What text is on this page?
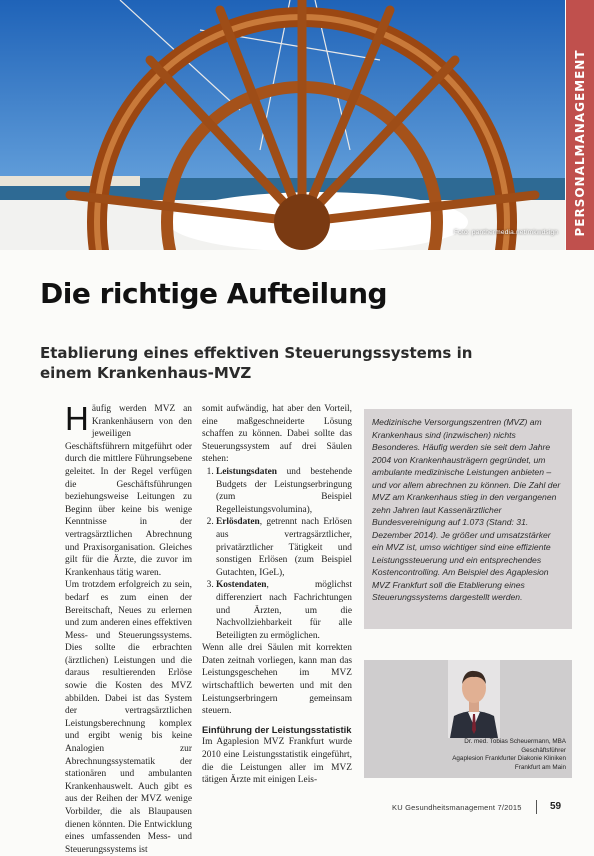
Foto: panthermedia.net/mkwdsign PERSONALMANAGEMENT
Die richtige Aufteilung
Etablierung eines effektiven Steuerungssystems in einem Krankenhaus-MVZ

Häufig werden MVZ an Krankenhäusern von den jeweiligen Geschäftsführern mitgeführt oder durch die mittlere Führungsebene geleitet. In der Regel verfügen die Geschäftsführungen beziehungsweise Leitungen zu Beginn über keine bis wenige Kenntnisse in der vertragsärztlichen Abrechnung und Praxisorganisation. Gleiches gilt für die Ärzte, die zuvor im Krankenhaus tätig waren.

Um trotzdem erfolgreich zu sein, bedarf es zum einen der Bereitschaft, Neues zu erlernen und zum anderen eines effektiven Mess- und Steuerungssystems. Dies sollte die erbrachten (ärztlichen) Leistungen und die daraus resultierenden Erlöse sowie die Kosten des MVZ abbilden. Dabei ist das System der vertragsärztlichen Leistungsberechnung komplex und ergibt wenig bis keine Analogien zur Abrechnungssystematik der stationären und ambulanten Krankenhauswelt. Auch gibt es aus der Reihen der MVZ wenige Vorbilder, die als Blaupausen dienen könnten. Die Entwicklung eines umfassenden Mess- und Steuerungssystems ist

somit aufwändig, hat aber den Vorteil, eine maßgeschneiderte Lösung schaffen zu können. Dabei sollte das Steuerungssystem auf drei Säulen stehen:

1. Leistungsdaten und bestehende Budgets der Leistungserbringung (zum Beispiel Regelleistungsvolumina),
2. Erlösdaten, getrennt nach Erlösen aus vertragsärztlicher, privatärztlicher Tätigkeit und sonstigen Erlösen (zum Beispiel Gutachten, IGeL),
3. Kostendaten, möglichst differenziert nach Fachrichtungen und Ärzten, um die Nachvollziehbarkeit für alle Beteiligten zu ermöglichen.

Wenn alle drei Säulen mit korrekten Daten zeitnah vorliegen, kann man das Leistungsgeschehen im MVZ wirtschaftlich bewerten und mit den Leistungserbringern gemeinsam steuern.

Einführung der Leistungsstatistik

Im Agaplesion MVZ Frankfurt wurde 2010 eine Leistungsstatistik eingeführt, die die Leistungen aller im MVZ tätigen Ärzte mit einigen Leis-

Medizinische Versorgungszentren (MVZ) am Krankenhaus sind (inzwischen) nichts Besonderes. Häufig werden sie seit dem Jahre 2004 von Krankenhausträgern gegründet, um ambulante medizinische Leistungen anbieten – und vor allem abrechnen zu können. Die Zahl der MVZ am Krankenhaus stieg in den vergangenen zehn Jahren laut Kassenärztlicher Bundesvereinigung auf 1.073 (Stand: 31. Dezember 2014). Je größer und umsatzstärker ein MVZ ist, umso wichtiger sind eine effiziente Leistungssteuerung und ein entsprechendes Kostencontrolling. Am Beispiel des Agaplesion MVZ Frankfurt soll die Etablierung eines Steuerungssystems dargestellt werden.

Dr. med. Tobias Scheuermann, MBA
Geschäftsführer
Agaplesion Frankfurter Diakonie Kliniken
Frankfurt am Main
KU Gesundheitsmanagement 7/2015	59
